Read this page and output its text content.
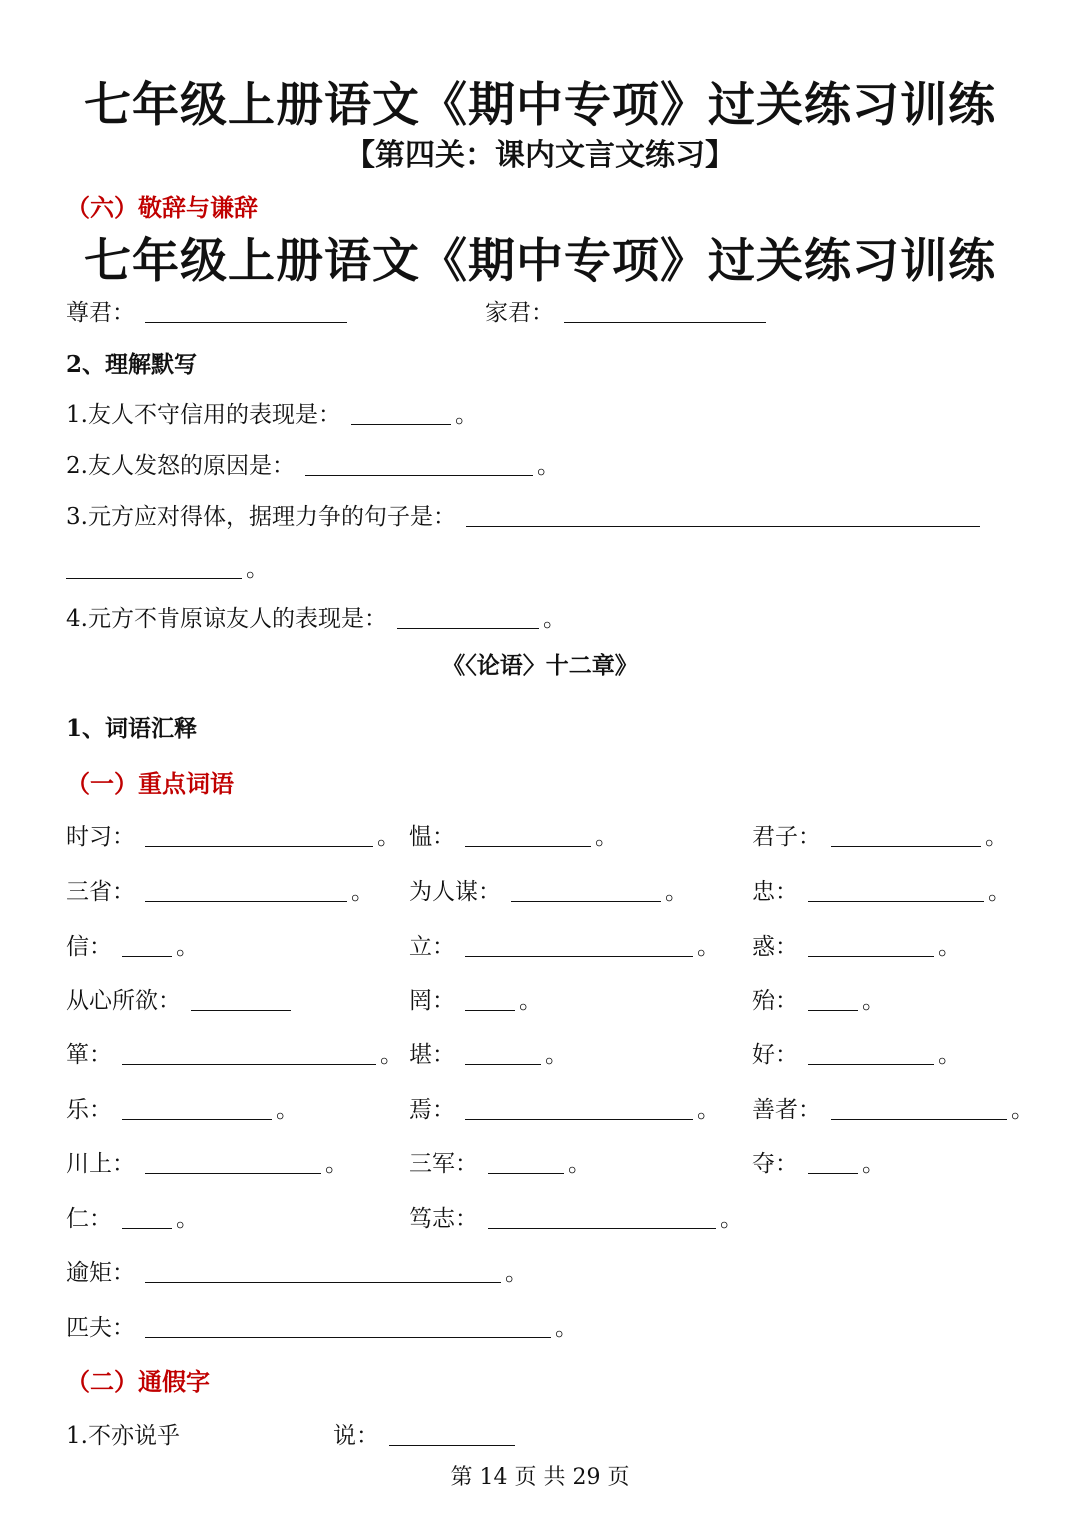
七年级上册语文《期中专项》过关练习训练
【第四关：课内文言文练习】
（六）敬辞与谦辞
七年级上册语文《期中专项》过关练习训练
尊君：	家君：
2、理解默写
1.友人不守信用的表现是：	。
2.友人发怒的原因是：	。
3.元方应对得体，据理力争的句子是：
。
4.元方不肯原谅友人的表现是：	。
《〈论语〉十二章》
1、词语汇释
（一）重点词语
时习：	。 愠：	。	君子：	。
三省：	。 为人谋：	。	忠：	。
信：	。	立：	。 惑：	。
从心所欲：	罔：	。	殆：	。
箪：	。 堪：	。	好：	。
乐：	。	焉：	。 善者：	。
川上：	。	三军：	。	夺：	。
仁：	。	笃志：	。
逾矩：	。
匹夫：	。
（二）通假字
1.不亦说乎	说：
第 14 页 共 29 页
